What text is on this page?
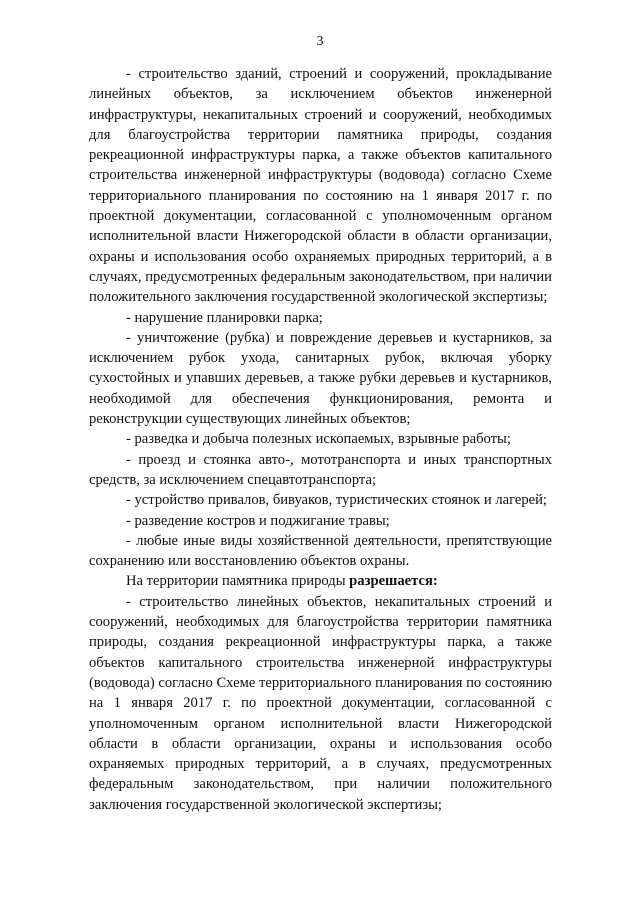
3

- строительство зданий, строений и сооружений, прокладывание линейных объектов, за исключением объектов инженерной инфраструктуры, некапитальных строений и сооружений, необходимых для благоустройства территории памятника природы, создания рекреационной инфраструктуры парка, а также объектов капитального строительства инженерной инфраструктуры (водовода) согласно Схеме территориального планирования по состоянию на 1 января 2017 г. по проектной документации, согласованной с уполномоченным органом исполнительной власти Нижегородской области в области организации, охраны и использования особо охраняемых природных территорий, а в случаях, предусмотренных федеральным законодательством, при наличии положительного заключения государственной экологической экспертизы;

- нарушение планировки парка;

- уничтожение (рубка) и повреждение деревьев и кустарников, за исключением рубок ухода, санитарных рубок, включая уборку сухостойных и упавших деревьев, а также рубки деревьев и кустарников, необходимой для обеспечения функционирования, ремонта и реконструкции существующих линейных объектов;

- разведка и добыча полезных ископаемых, взрывные работы;

- проезд и стоянка авто-, мототранспорта и иных транспортных средств, за исключением спецавтотранспорта;

- устройство привалов, бивуаков, туристических стоянок и лагерей;

- разведение костров и поджигание травы;

- любые иные виды хозяйственной деятельности, препятствующие сохранению или восстановлению объектов охраны.

На территории памятника природы разрешается:

- строительство линейных объектов, некапитальных строений и сооружений, необходимых для благоустройства территории памятника природы, создания рекреационной инфраструктуры парка, а также объектов капитального строительства инженерной инфраструктуры (водовода) согласно Схеме территориального планирования по состоянию на 1 января 2017 г. по проектной документации, согласованной с уполномоченным органом исполнительной власти Нижегородской области в области организации, охраны и использования особо охраняемых природных территорий, а в случаях, предусмотренных федеральным законодательством, при наличии положительного заключения государственной экологической экспертизы;
